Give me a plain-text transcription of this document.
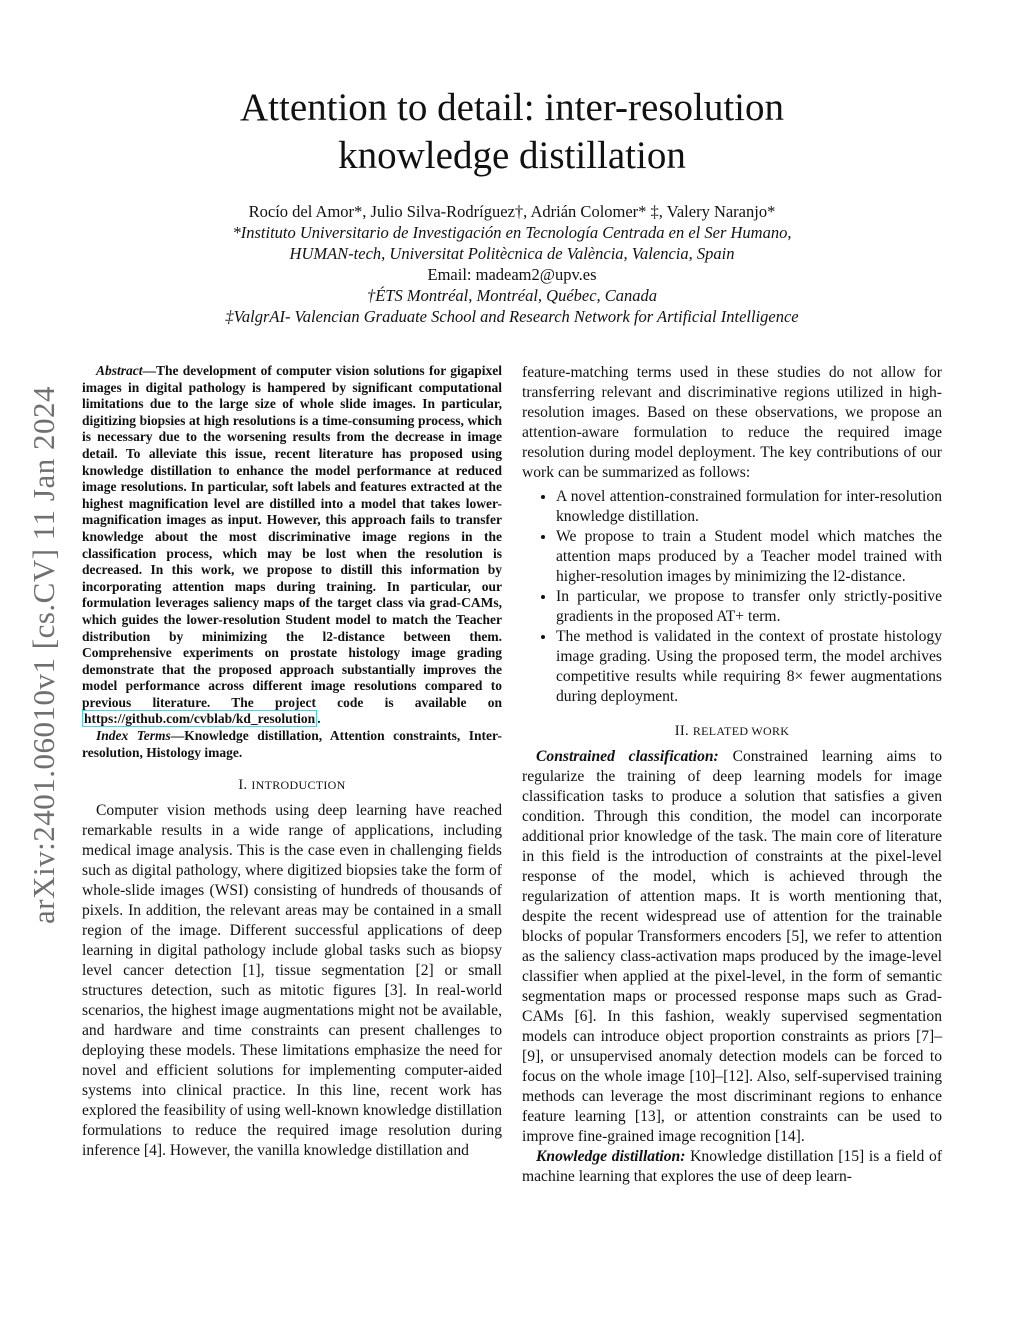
arXiv:2401.06010v1 [cs.CV] 11 Jan 2024
Attention to detail: inter-resolution
knowledge distillation
Rocío del Amor*, Julio Silva-Rodríguez†, Adrián Colomer* ‡, Valery Naranjo*
*Instituto Universitario de Investigación en Tecnología Centrada en el Ser Humano,
HUMAN-tech, Universitat Politècnica de València, Valencia, Spain
Email: madeam2@upv.es
†ÉTS Montréal, Montréal, Québec, Canada
‡ValgrAI- Valencian Graduate School and Research Network for Artificial Intelligence

Abstract—The development of computer vision solutions for gigapixel images in digital pathology is hampered by significant computational limitations due to the large size of whole slide images. In particular, digitizing biopsies at high resolutions is a time-consuming process, which is necessary due to the worsening results from the decrease in image detail. To alleviate this issue, recent literature has proposed using knowledge distillation to enhance the model performance at reduced image resolutions. In particular, soft labels and features extracted at the highest magnification level are distilled into a model that takes lower-magnification images as input. However, this approach fails to transfer knowledge about the most discriminative image regions in the classification process, which may be lost when the resolution is decreased. In this work, we propose to distill this information by incorporating attention maps during training. In particular, our formulation leverages saliency maps of the target class via grad-CAMs, which guides the lower-resolution Student model to match the Teacher distribution by minimizing the l2-distance between them. Comprehensive experiments on prostate histology image grading demonstrate that the proposed approach substantially improves the model performance across different image resolutions compared to previous literature. The project code is available on https://github.com/cvblab/kd_resolution .

Index Terms—Knowledge distillation, Attention constraints, Inter-resolution, Histology image.

I. INTRODUCTION

Computer vision methods using deep learning have reached remarkable results in a wide range of applications, including medical image analysis. This is the case even in challenging fields such as digital pathology, where digitized biopsies take the form of whole-slide images (WSI) consisting of hundreds of thousands of pixels. In addition, the relevant areas may be contained in a small region of the image. Different successful applications of deep learning in digital pathology include global tasks such as biopsy level cancer detection [1], tissue segmentation [2] or small structures detection, such as mitotic figures [3]. In real-world scenarios, the highest image augmentations might not be available, and hardware and time constraints can present challenges to deploying these models. These limitations emphasize the need for novel and efficient solutions for implementing computer-aided systems into clinical practice. In this line, recent work has explored the feasibility of using well-known knowledge distillation formulations to reduce the required image resolution during inference [4]. However, the vanilla knowledge distillation and

feature-matching terms used in these studies do not allow for transferring relevant and discriminative regions utilized in high-resolution images. Based on these observations, we propose an attention-aware formulation to reduce the required image resolution during model deployment. The key contributions of our work can be summarized as follows:

• A novel attention-constrained formulation for inter-resolution knowledge distillation.
• We propose to train a Student model which matches the attention maps produced by a Teacher model trained with higher-resolution images by minimizing the l2-distance.
• In particular, we propose to transfer only strictly-positive gradients in the proposed AT+ term.
• The method is validated in the context of prostate histology image grading. Using the proposed term, the model archives competitive results while requiring 8× fewer augmentations during deployment.
II. RELATED WORK

Constrained classification: Constrained learning aims to regularize the training of deep learning models for image classification tasks to produce a solution that satisfies a given condition. Through this condition, the model can incorporate additional prior knowledge of the task. The main core of literature in this field is the introduction of constraints at the pixel-level response of the model, which is achieved through the regularization of attention maps. It is worth mentioning that, despite the recent widespread use of attention for the trainable blocks of popular Transformers encoders [5], we refer to attention as the saliency class-activation maps produced by the image-level classifier when applied at the pixel-level, in the form of semantic segmentation maps or processed response maps such as Grad-CAMs [6]. In this fashion, weakly supervised segmentation models can introduce object proportion constraints as priors [7]–[9], or unsupervised anomaly detection models can be forced to focus on the whole image [10]–[12]. Also, self-supervised training methods can leverage the most discriminant regions to enhance feature learning [13], or attention constraints can be used to improve fine-grained image recognition [14].

Knowledge distillation: Knowledge distillation [15] is a field of machine learning that explores the use of deep learn-
